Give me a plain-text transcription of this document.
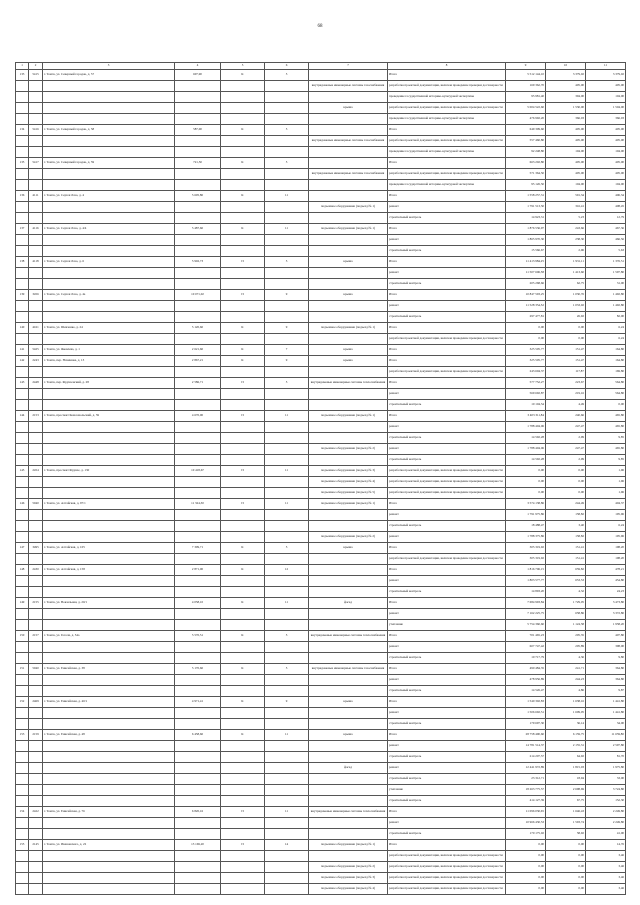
68
1	2	3	4	5	6	7	8	9	10	11
133	5415	г. Томск, ул. Северный городок, д. 57	607,90	К	5		Итого	5 512 144,10	3 379,02	3 379,02
						внутридомовые инженерные системы газоснабжения	разработка проектной документации, включая проведение проверки достоверности	169 362,70	405,00	405,00
							проведение государственной историко-культурной экспертизы	95 981,40	394,00	104,00
						крыша	разработка проектной документации, включая проведение проверки достоверности	5 004 522,60	1 530,00	1 504,00
							проведение государственной историко-культурной экспертизы	476 992,20	366,03	366,03
134	5416	г. Томск, ул. Северный городок, д. 58	587,00	К	5		Итого	649 309,60	405,00	405,00
						внутридомовые инженерные системы газоснабжения	разработка проектной документации, включая проведение проверки достоверности	557 460,80	405,00	405,00
							проведение государственной историко-культурной экспертизы	92 248,80	104,00	104,00
135	5417	г. Томск, ул. Северный городок, д. 59	721,50	К	5		Итого	663 202,80	405,00	405,00
						внутридомовые инженерные системы газоснабжения	разработка проектной документации, включая проведение проверки достоверности	571 364,50	405,00	405,00
							проведение государственной историко-культурной экспертизы	95 126,50	104,00	104,00
136	4111	г. Томск, ул. Сергея Лазо, д. 4	5 605,80	К	11		Итого	1 558 257,31	591,34	406,34
						подъемное оборудование (подъезд № 1)	ремонт	1 791 513,50	316,41	408,45
							строительный контроль	14 923,31	5,23	12,79
137	4116	г. Томск, ул. Сергея Лазо, д. 4/4	5 487,60	К	11	подъемное оборудование (подъезд № 1)	Итого	1 876 536,97	243,66	467,36
							ремонт	1 865 970,30	238,30	466,56
							строительный контроль	15 566,67	2,96	5,63
138	4118	г. Томск, ул. Сергея Лазо, д. 6	5 902,73	П	5	крыша	Итого	11 413 984,25	1 931,11	1 376,51
							ремонт	11 507 606,58	1 413,60	1 597,80
							строительный контроль	205 268,66	62,75	31,00
139	3456	г. Томск, ул. Сергея Лазо, д. 4а	10 071,02	П	9	крыша	Итого	10 847 593,25	1 030,76	1 492,80
							ремонт	11 528 354,52	1 033,02	1 492,80
							строительный контроль	297 477,81	26,92	82,00
140	4161	г. Томск, ул. Шевченко, д. 24	5 120,60	К	9	подъемное оборудование (подъезд № 1)	Итого	0,00	0,00	6,24
							разработка проектной документации, включая проведение проверки достоверности	0,00	0,00	6,24
141	5425	г. Томск, ул. Яковлева, д. 1	2 621,60	К	7	крыша	Итого	325 505,77	151,47	164,80
142	2243	г. Томск, пер. Нахимова, д. 13	2 867,21	К	9	крыша	Итого	325 505,77	151,47	164,80
							разработка проектной документации, включая проведение проверки достоверности	243 604,37	117,87	169,80
143	2448	г. Томск, пер. Фрунзенский, д. 28	2 586,71	П	5	внутридомовые инженерные системы теплоснабжения	Итого	577 752,27	223,67	564,80
							ремонт	569 692,87	219,16	564,80
							строительный контроль	10 104,54	4,49	0,00
144	2153	г. Томск, проспект Комсомольский, д. 59	4 670,00	П	11	подъемное оборудование (подъезд № 1)	Итого	3 403 311,84	240,66	465,80
							ремонт	1 788 404,06	247,47	465,80
							строительный контроль	14 592,28	2,99	9,85
						подъемное оборудование (подъезд № 2)	ремонт	1 788 404,06	247,47	465,80
							строительный контроль	14 592,28	2,99	9,85
145	2454	г. Томск, проспект Фрунзе, д. 130	10 418,67	П	11	подъемное оборудование (подъезд № 3)	разработка проектной документации, включая проведение проверки достоверности	0,00	0,00	1,96
						подъемное оборудование (подъезд № 4)	разработка проектной документации, включая проведение проверки достоверности	0,00	0,00	1,96
						подъемное оборудование (подъезд № 5)	разработка проектной документации, включая проведение проверки достоверности	0,00	0,00	1,96
146	5040	г. Томск, ул. Алтайская, д. 97/1	11 324,30	П	11	подъемное оборудование (подъезд № 1)	Итого	3 574 138,86	244,49	404,37
							ремонт	1 791 975,86	158,82	195,96
							строительный контроль	18 488,47	3,40	6,24
						подъемное оборудование (подъезд № 2)	ремонт	1 788 375,86	158,82	195,96
147	3495	г. Томск, ул. Алтайская, д. 105	7 309,71	К	5	крыша	Итого	305 319,92	151,41	198,20
							разработка проектной документации, включая проведение проверки достоверности	305 319,92	151,41	198,20
148	2430	г. Томск, ул. Алтайская, д. 158	2 871,00	К	12		Итого	1 816 706,15	659,82	478,21
							ремонт	1 803 577,77	653,53	454,80
							строительный контроль	14 893,20	4,32	24,23
149	2155	г. Томск, ул. Вокзальная, д. 20/1	4 058,10	К	11	фасад	Итого	7 684 993,84	1 729,05	3 473,80
							ремонт	7 162 225,75	658,86	3 372,80
							утепление	5 754 360,60	1 124,58	1 958,20
150	2157	г. Томск, ул. Гоголя, д. 54а	5 570,51	К	5	внутридомовые инженерные системы теплоснабжения	Итого	701 465,23	205,35	407,80
							ремонт	607 747,42	205,89	398,00
							строительный контроль	10 717,79	4,36	9,80
151	5040	г. Томск, ул. Енисейская, д. 38	5 170,60	К	5	внутридомовые инженерные системы газоснабжения	Итого	490 484,35	241,71	364,80
							ремонт	478 956,89	244,23	364,80
							строительный контроль	14 526,47	4,86	9,87
152	2469	г. Томск, ул. Енисейская, д. 40/1	4 971,41	К	9	крыша	Итого	1 540 302,83	1 638,16	1 441,80
							ремонт	1 506 692,51	1 609,05	1 441,80
							строительный контроль	179 697,30	36,14	34,00
153	2159	г. Томск, ул. Енисейская, д. 48	6 458,60	К	11	крыша	Итого	28 758 490,60	6 159,75	11 659,80
							ремонт	14 781 514,37	2 155,31	2 597,80
							строительный контроль	214 207,57	64,92	81,70
						фасад	ремонт	12 441 972,89	1 815,03	1 975,80
							строительный контроль	23 312,71	18,94	33,00
							утепление	18 263 775,57	2 698,69	3 724,80
							строительный контроль	414 127,39	67,75	152,30
154	2422	г. Томск, ул. Енисейская, д. 76	6 820,16	П	11	внутридомовые инженерные системы теплоснабжения	Итого	11 096 030,65	1 646,43	2 249,80
							ремонт	10 966 430,53	1 593,74	2 249,80
							строительный контроль	170 175,02	58,92	41,00
155	2145	г. Томск, ул. Ивановского, д. 22	13 169,20	П	14	подъемное оборудование (подъезд № 1)	Итого	0,00	0,00	14,76
							разработка проектной документации, включая проведение проверки достоверности	0,00	0,00	3,46
						подъемное оборудование (подъезд № 2)	разработка проектной документации, включая проведение проверки достоверности	0,00	0,00	3,46
						подъемное оборудование (подъезд № 3)	разработка проектной документации, включая проведение проверки достоверности	0,00	0,00	3,46
						подъемное оборудование (подъезд № 4)	разработка проектной документации, включая проведение проверки достоверности	0,00	0,00	3,46
